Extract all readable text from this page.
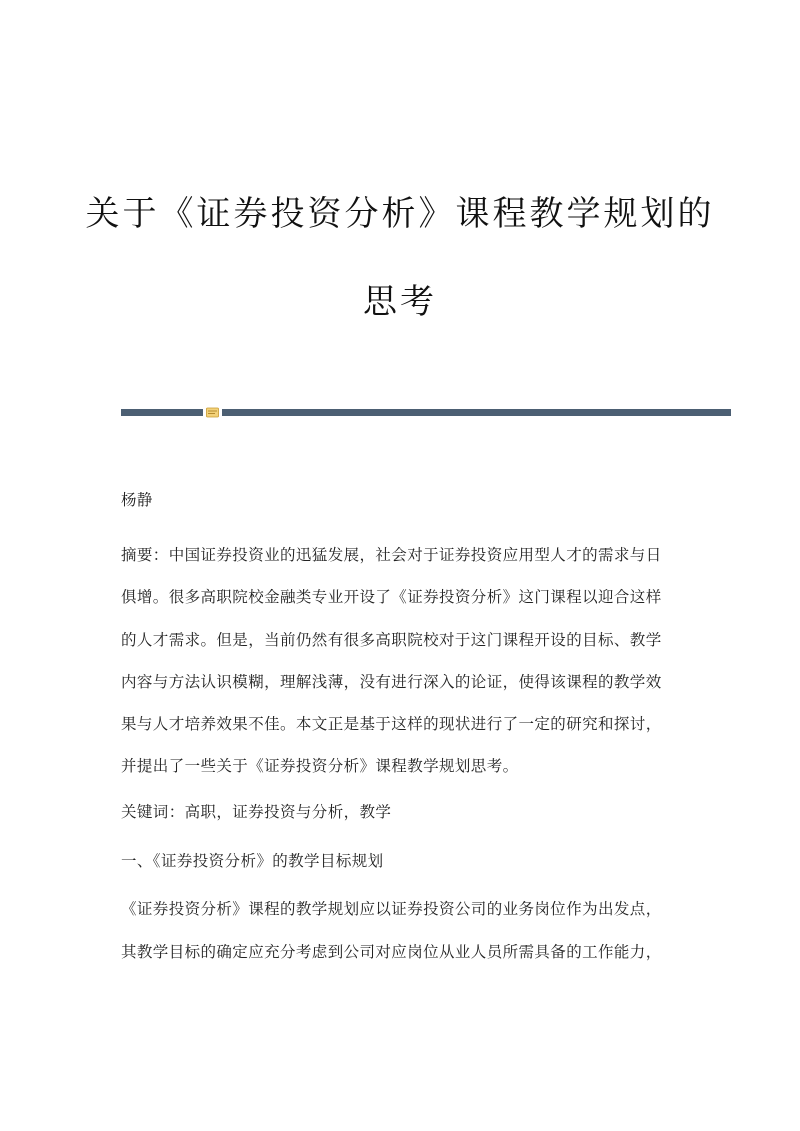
关于《证券投资分析》课程教学规划的
思考
杨静
摘要：中国证券投资业的迅猛发展，社会对于证券投资应用型人才的需求与日
俱增。很多高职院校金融类专业开设了《证券投资分析》这门课程以迎合这样
的人才需求。但是，当前仍然有很多高职院校对于这门课程开设的目标、教学
内容与方法认识模糊，理解浅薄，没有进行深入的论证，使得该课程的教学效
果与人才培养效果不佳。本文正是基于这样的现状进行了一定的研究和探讨，
并提出了一些关于《证券投资分析》课程教学规划思考。
关键词：高职，证券投资与分析，教学
一、《证券投资分析》的教学目标规划
《证券投资分析》课程的教学规划应以证券投资公司的业务岗位作为出发点，
其教学目标的确定应充分考虑到公司对应岗位从业人员所需具备的工作能力，
